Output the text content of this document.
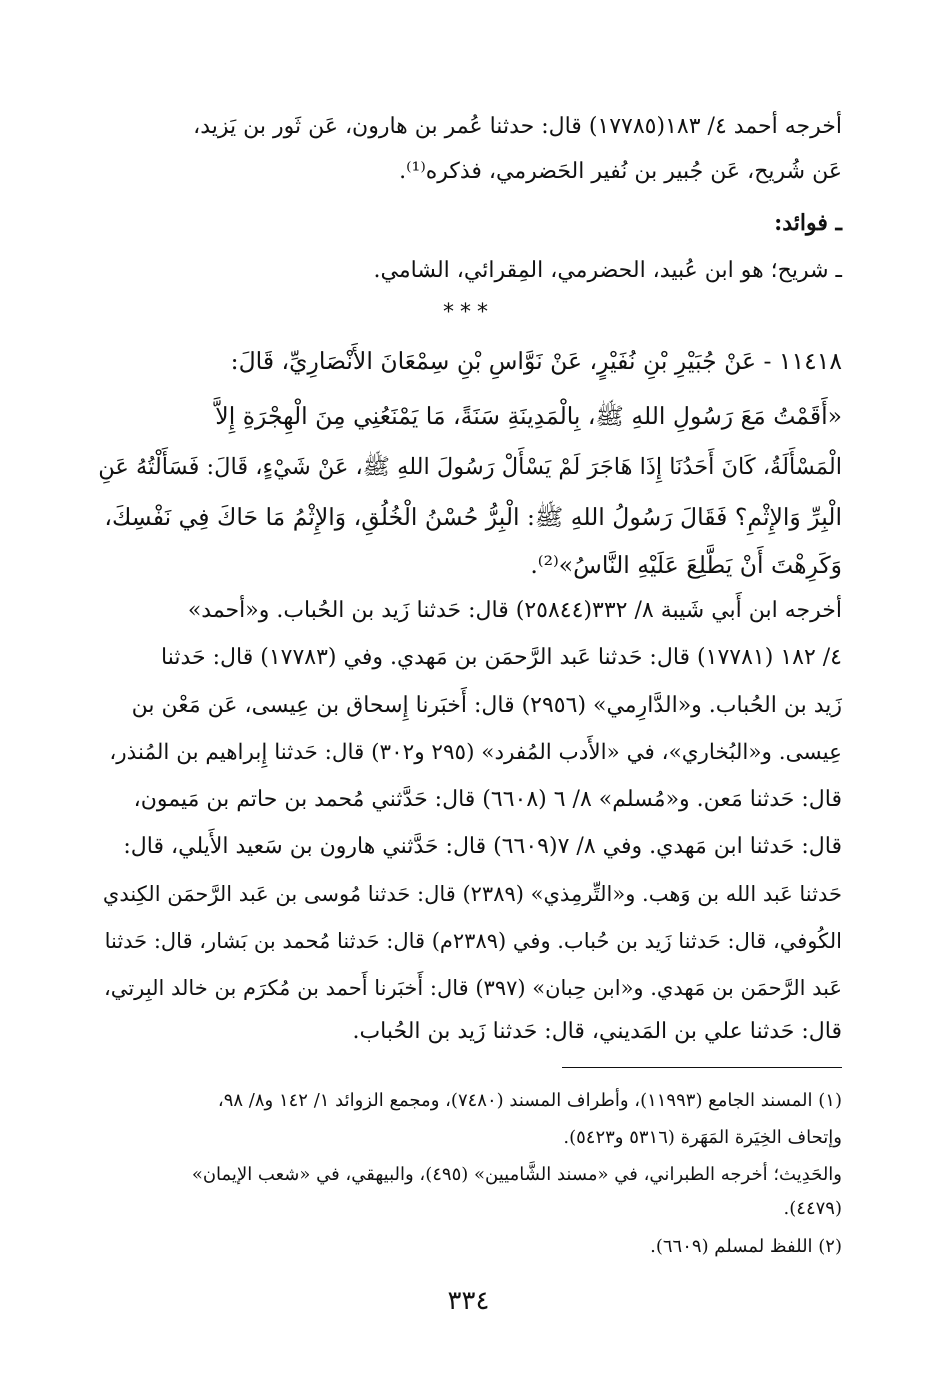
أخرجه أحمد ٤/ ١٨٣(١٧٧٨٥) قال: حدثنا عُمر بن هارون، عَن ثَور بن يَزيد،
عَن شُريح، عَن جُبير بن نُفير الحَضرمي، فذكره⁽¹⁾.
ـ فوائد:
ـ شريح؛ هو ابن عُبيد، الحضرمي، المِقرائي، الشامي.
***
١١٤١٨ - عَنْ جُبَيْرِ بْنِ نُفَيْرٍ، عَنْ نَوَّاسِ بْنِ سِمْعَانَ الأَنْصَارِيِّ، قَالَ:
«أَقَمْتُ مَعَ رَسُولِ اللهِ ﷺ، بِالْمَدِينَةِ سَنَةً، مَا يَمْنَعُنِي مِنَ الْهِجْرَةِ إِلاَّ
الْمَسْأَلَةُ، كَانَ أَحَدُنَا إِذَا هَاجَرَ لَمْ يَسْأَلْ رَسُولَ اللهِ ﷺ، عَنْ شَيْءٍ، قَالَ: فَسَأَلْتُهُ عَنِ
الْبِرِّ وَالإِثْمِ؟ فَقَالَ رَسُولُ اللهِ ﷺ: الْبِرُّ حُسْنُ الْخُلُقِ، وَالإِثْمُ مَا حَاكَ فِي نَفْسِكَ،
وَكَرِهْتَ أَنْ يَطَّلِعَ عَلَيْهِ النَّاسُ»⁽²⁾.
أخرجه ابن أَبي شَيبة ٨/ ٣٣٢(٢٥٨٤٤) قال: حَدثنا زَيد بن الحُباب. و«أحمد»
٤/ ١٨٢ (١٧٧٨١) قال: حَدثنا عَبد الرَّحمَن بن مَهدي. وفي (١٧٧٨٣) قال: حَدثنا
زَيد بن الحُباب. و«الدَّارِمي» (٢٩٥٦) قال: أَخبَرنا إِسحاق بن عِيسى، عَن مَعْن بن
عِيسى. و«البُخاري»، في «الأَدب المُفرد» (٢٩٥ و٣٠٢) قال: حَدثنا إِبراهيم بن المُنذر،
قال: حَدثنا مَعن. و«مُسلم» ٨/ ٦ (٦٦٠٨) قال: حَدَّثني مُحمد بن حاتم بن مَيمون،
قال: حَدثنا ابن مَهدي. وفي ٨/ ٧(٦٦٠٩) قال: حَدَّثني هارون بن سَعيد الأَيلي، قال:
حَدثنا عَبد الله بن وَهب. و«التِّرمِذي» (٢٣٨٩) قال: حَدثنا مُوسى بن عَبد الرَّحمَن الكِندي
الكُوفي، قال: حَدثنا زَيد بن حُباب. وفي (٢٣٨٩م) قال: حَدثنا مُحمد بن بَشار، قال: حَدثنا
عَبد الرَّحمَن بن مَهدي. و«ابن حِبان» (٣٩٧) قال: أَخبَرنا أَحمد بن مُكرَم بن خالد البِرتي،
قال: حَدثنا علي بن المَديني، قال: حَدثنا زَيد بن الحُباب.
(١) المسند الجامع (١١٩٩٣)، وأطراف المسند (٧٤٨٠)، ومجمع الزوائد ١/ ١٤٢ و٨/ ٩٨،
وإتحاف الخِيَرة المَهَرة (٥٣١٦ و٥٤٢٣).
والحَدِيث؛ أخرجه الطبراني، في «مسند الشَّاميين» (٤٩٥)، والبيهقي، في «شعب الإيمان»
(٤٤٧٩).
(٢) اللفظ لمسلم (٦٦٠٩).
٣٣٤
